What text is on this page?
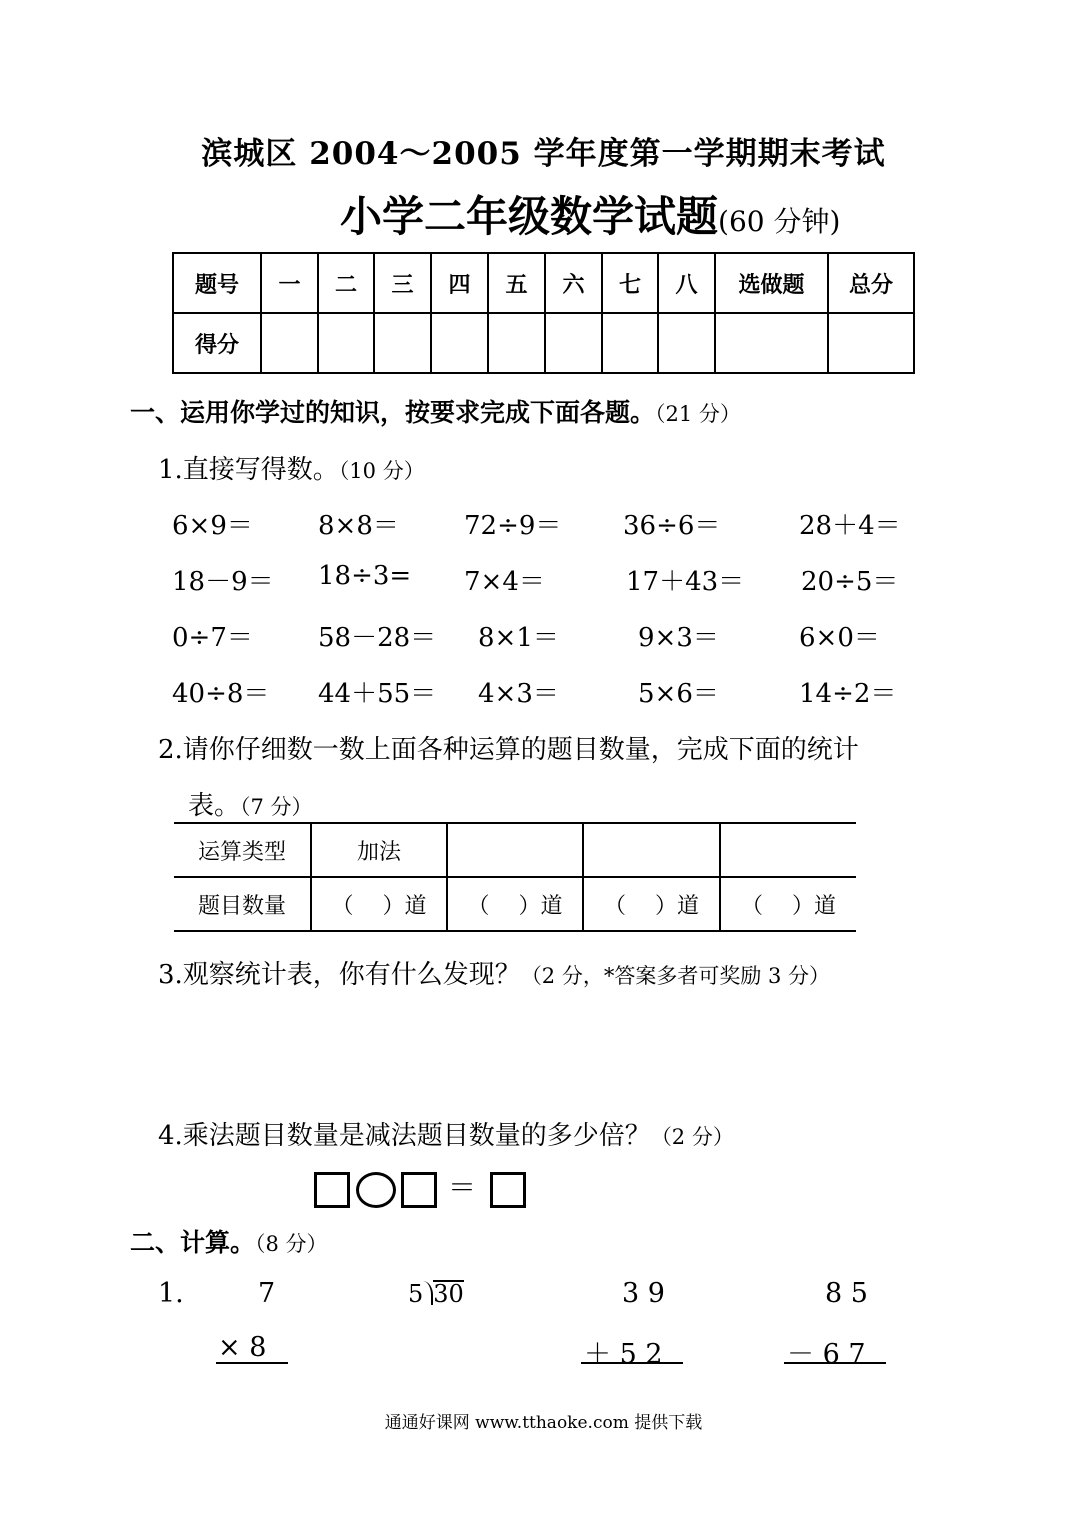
滨城区 2004～2005 学年度第一学期期末考试
小学二年级数学试题(60 分钟)
题号	一	二	三	四	五	六	七	八	选做题	总分
得分										
一、运用你学过的知识，按要求完成下面各题。（21 分）
1.直接写得数。（10 分）
6×9＝	8×8＝	72÷9＝ 36÷6＝	28＋4＝
18－9＝ 18÷3= 7×4＝	17＋43＝ 20÷5＝
0÷7＝	58－28＝ 8×1＝	9×3＝	6×0＝
40÷8＝ 44＋55＝ 4×3＝	5×6＝	14÷2＝
2.请你仔细数一数上面各种运算的题目数量，完成下面的统计
表。（7 分）
运算类型	加法			
题目数量	（　 ）道	（　 ）道	（　 ）道	（　 ）道
3.观察统计表，你有什么发现？（2 分，*答案多者可奖励 3 分）
4.乘法题目数量是减法题目数量的多少倍？（2 分）
＝
二、计算。（8 分）
1.	7
× 8
5 30	3 9
＋ 5 2
8 5
－ 6 7
通通好课网 www.tthaoke.com 提供下载
